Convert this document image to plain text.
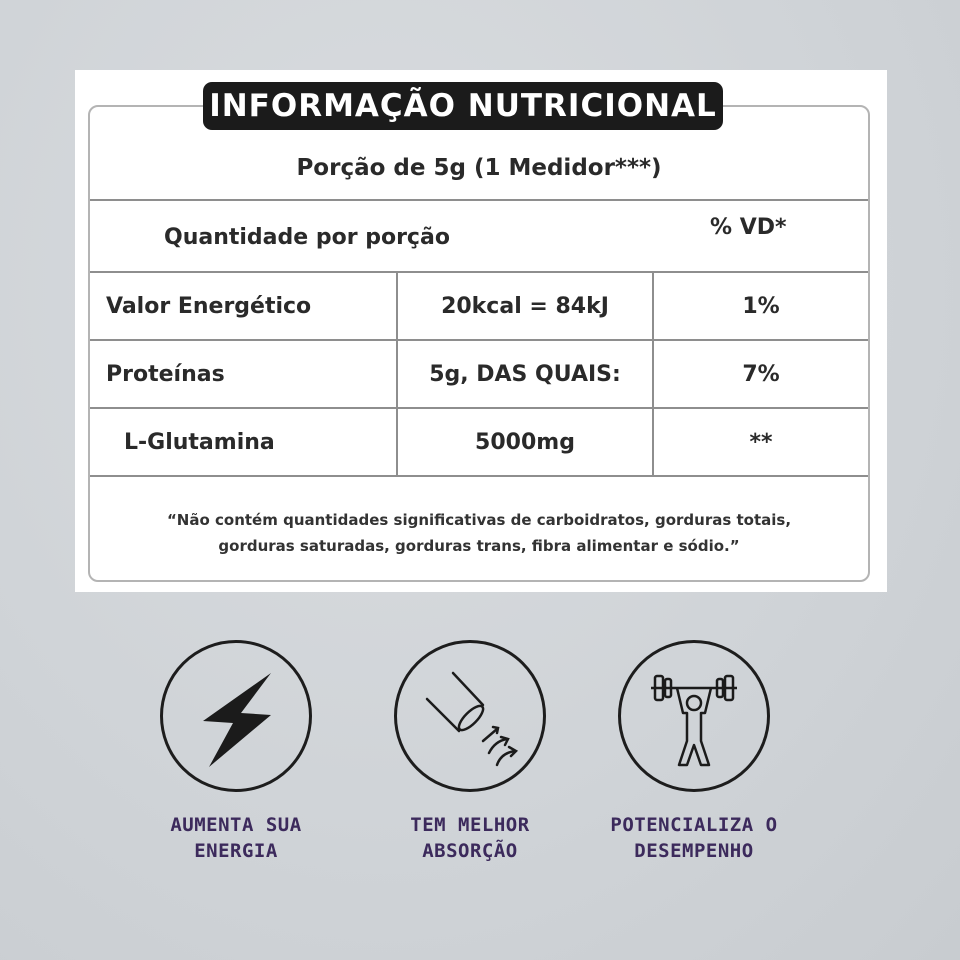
Porção de 5g (1 Medidor***)
Quantidade por porção	% VD*
Valor Energético	20kcal = 84kJ	1%
Proteínas	5g, DAS QUAIS:	7%
L-Glutamina	5000mg	**
“Não contém quantidades significativas de carboidratos, gorduras totais,
gorduras saturadas, gorduras trans, fibra alimentar e sódio.”
INFORMAÇÃO NUTRICIONAL
AUMENTA SUA
ENERGIA
TEM MELHOR
ABSORÇÃO
POTENCIALIZA O
DESEMPENHO
